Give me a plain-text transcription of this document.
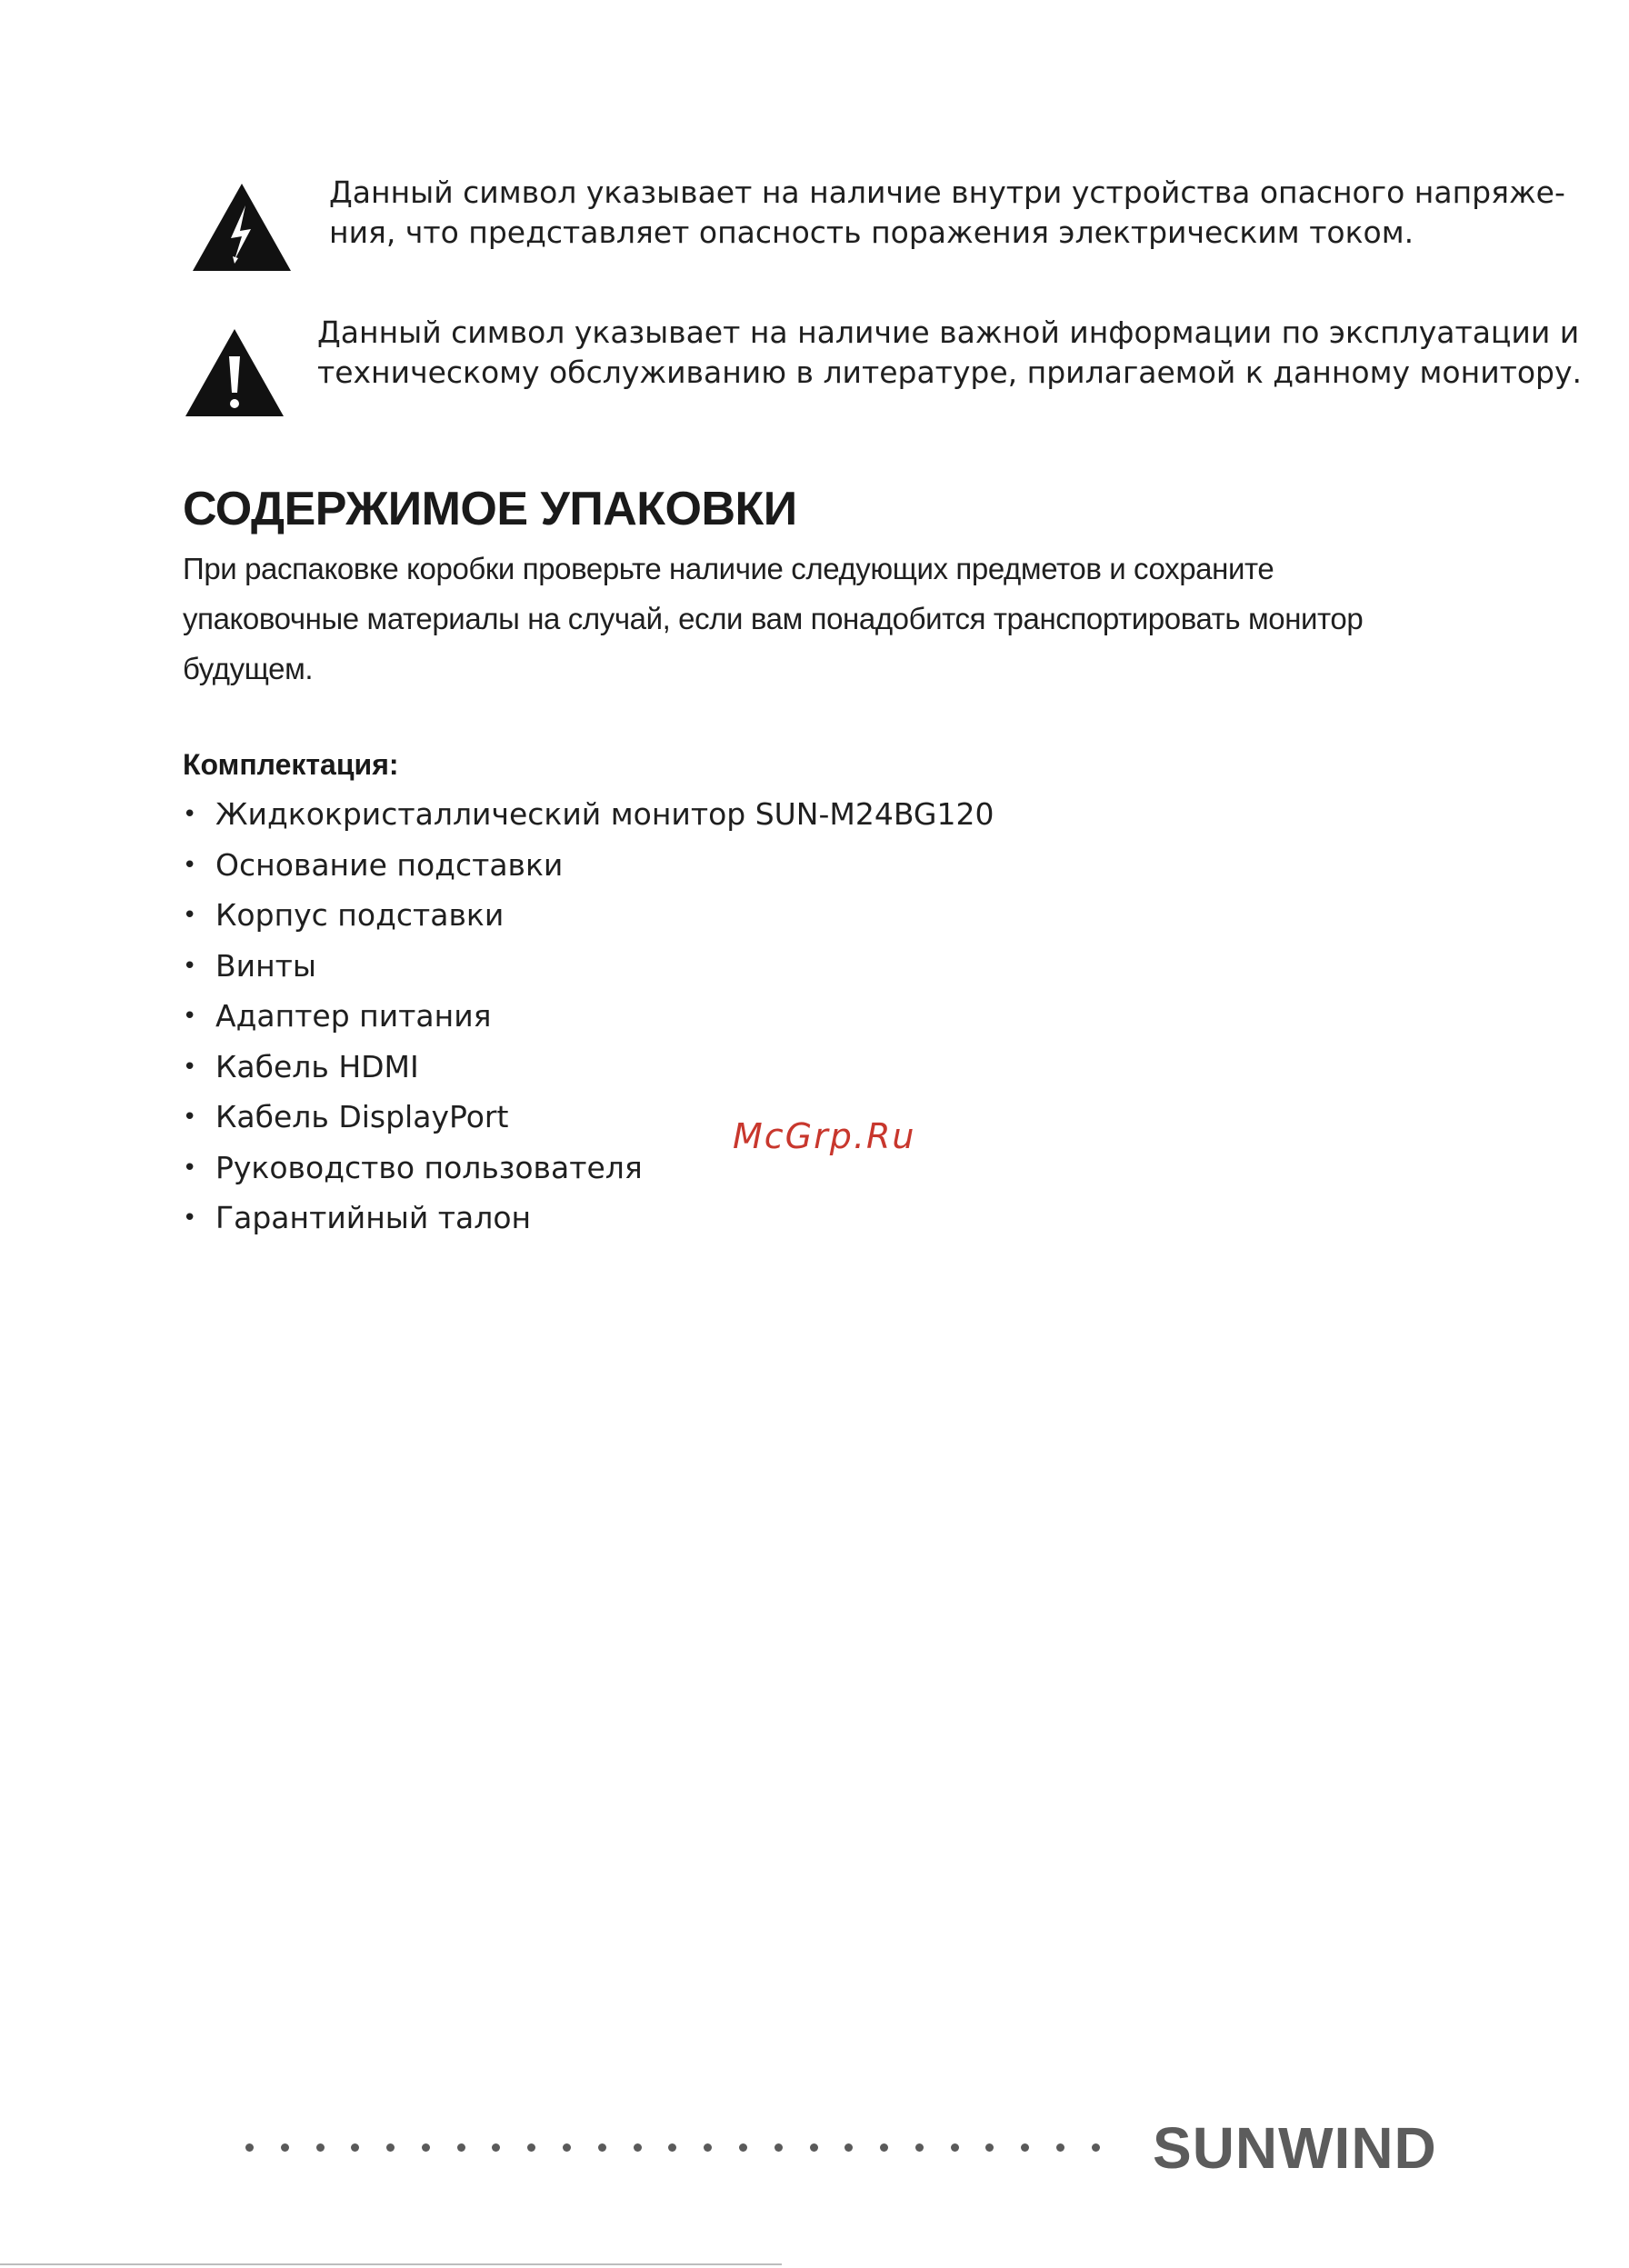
Данный символ указывает на наличие внутри устройства опасного напряже-
ния, что представляет опасность поражения электрическим током.
Данный символ указывает на наличие важной информации по эксплуатации и
техническому обслуживанию в литературе, прилагаемой к данному монитору.
СОДЕРЖИМОЕ УПАКОВКИ
При распаковке коробки проверьте наличие следующих предметов и сохраните
упаковочные материалы на случай, если вам понадобится транспортировать монитор
будущем.
Комплектация:
• Жидкокристаллический монитор SUN-M24BG120
• Основание подставки
• Корпус подставки
• Винты
• Адаптер питания
• Кабель HDMI
• Кабель DisplayPort
• Руководство пользователя
• Гарантийный талон
McGrp.Ru
SUNWIND
